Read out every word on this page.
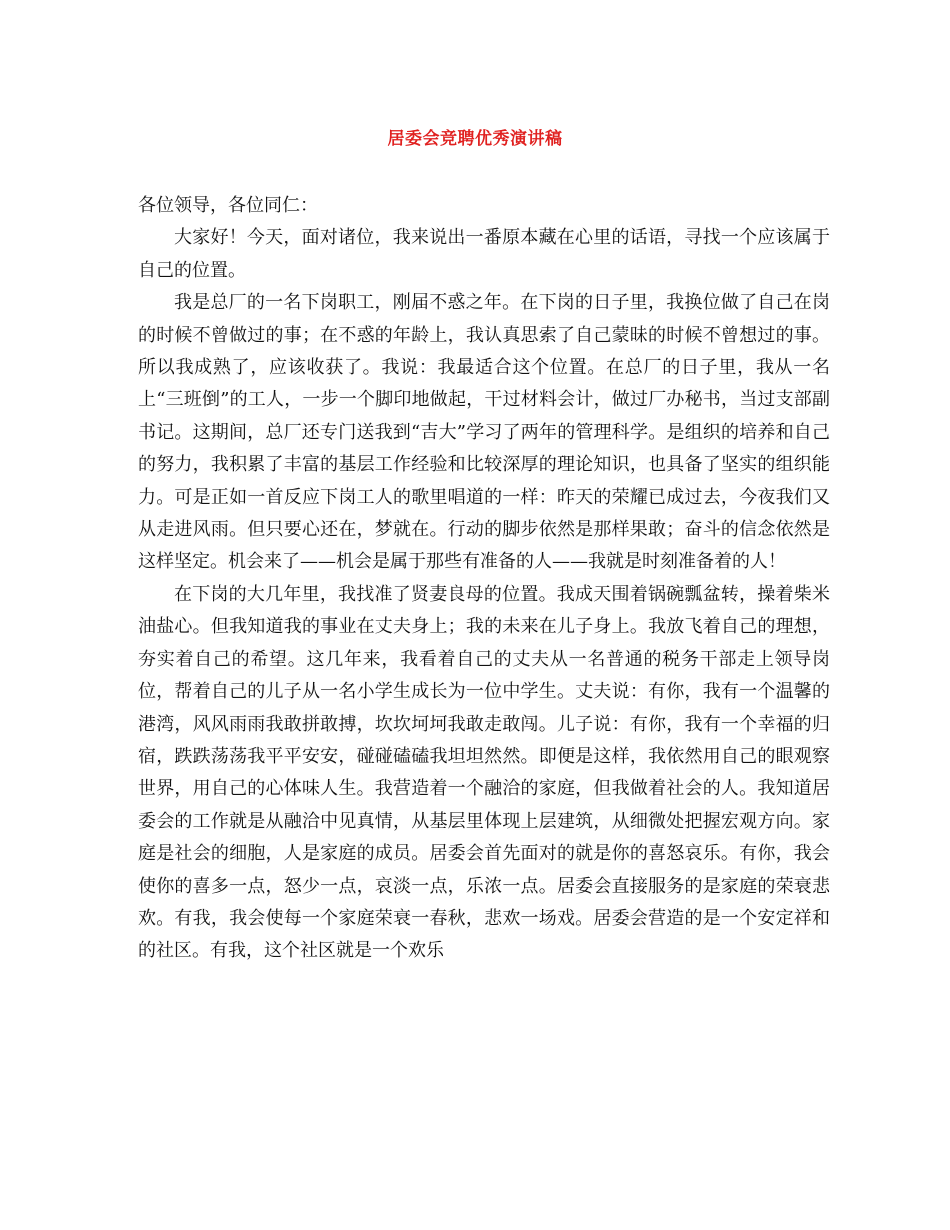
居委会竞聘优秀演讲稿

各位领导，各位同仁：

大家好！今天，面对诸位，我来说出一番原本藏在心里的话语，寻找一个应该属于自己的位置。

我是总厂的一名下岗职工，刚届不惑之年。在下岗的日子里，我换位做了自己在岗的时候不曾做过的事；在不惑的年龄上，我认真思索了自己蒙昧的时候不曾想过的事。所以我成熟了，应该收获了。我说：我最适合这个位置。在总厂的日子里，我从一名上“三班倒”的工人，一步一个脚印地做起，干过材料会计，做过厂办秘书，当过支部副书记。这期间，总厂还专门送我到“吉大”学习了两年的管理科学。是组织的培养和自己的努力，我积累了丰富的基层工作经验和比较深厚的理论知识，也具备了坚实的组织能力。可是正如一首反应下岗工人的歌里唱道的一样：昨天的荣耀已成过去，今夜我们又从走进风雨。但只要心还在，梦就在。行动的脚步依然是那样果敢；奋斗的信念依然是这样坚定。机会来了——机会是属于那些有准备的人——我就是时刻准备着的人！

在下岗的大几年里，我找准了贤妻良母的位置。我成天围着锅碗瓢盆转，操着柴米油盐心。但我知道我的事业在丈夫身上；我的未来在儿子身上。我放飞着自己的理想，夯实着自己的希望。这几年来，我看着自己的丈夫从一名普通的税务干部走上领导岗位，帮着自己的儿子从一名小学生成长为一位中学生。丈夫说：有你，我有一个温馨的港湾，风风雨雨我敢拼敢搏，坎坎坷坷我敢走敢闯。儿子说：有你，我有一个幸福的归宿，跌跌荡荡我平平安安，碰碰磕磕我坦坦然然。即便是这样，我依然用自己的眼观察世界，用自己的心体味人生。我营造着一个融洽的家庭，但我做着社会的人。我知道居委会的工作就是从融洽中见真情，从基层里体现上层建筑，从细微处把握宏观方向。家庭是社会的细胞，人是家庭的成员。居委会首先面对的就是你的喜怒哀乐。有你，我会使你的喜多一点，怒少一点，哀淡一点，乐浓一点。居委会直接服务的是家庭的荣衰悲欢。有我，我会使每一个家庭荣衰一春秋，悲欢一场戏。居委会营造的是一个安定祥和的社区。有我，这个社区就是一个欢乐
